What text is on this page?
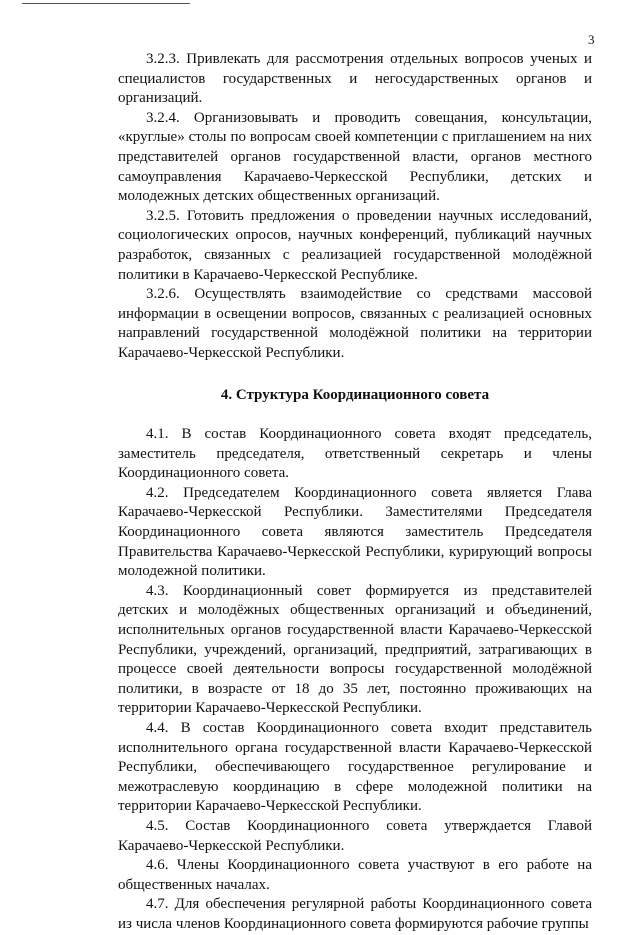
3

3.2.3. Привлекать для рассмотрения отдельных вопросов ученых и специалистов государственных и негосударственных органов и организаций.

3.2.4. Организовывать и проводить совещания, консультации, «круглые» столы по вопросам своей компетенции с приглашением на них представителей органов государственной власти, органов местного самоуправления Карачаево-Черкесской Республики, детских и молодежных детских общественных организаций.

3.2.5. Готовить предложения о проведении научных исследований, социологических опросов, научных конференций, публикаций научных разработок, связанных с реализацией государственной молодёжной политики в Карачаево-Черкесской Республике.

3.2.6. Осуществлять взаимодействие со средствами массовой информации в освещении вопросов, связанных с реализацией основных направлений государственной молодёжной политики на территории Карачаево-Черкесской Республики.

4. Структура Координационного совета

4.1. В состав Координационного совета входят председатель, заместитель председателя, ответственный секретарь и члены Координационного совета.

4.2. Председателем Координационного совета является Глава Карачаево-Черкесской Республики. Заместителями Председателя Координационного совета являются заместитель Председателя Правительства Карачаево-Черкесской Республики, курирующий вопросы молодежной политики.

4.3. Координационный совет формируется из представителей детских и молодёжных общественных организаций и объединений, исполнительных органов государственной власти Карачаево-Черкесской Республики, учреждений, организаций, предприятий, затрагивающих в процессе своей деятельности вопросы государственной молодёжной политики, в возрасте от 18 до 35 лет, постоянно проживающих на территории Карачаево-Черкесской Республики.

4.4. В состав Координационного совета входит представитель исполнительного органа государственной власти Карачаево-Черкесской Республики, обеспечивающего государственное регулирование и межотраслевую координацию в сфере молодежной политики на территории Карачаево-Черкесской Республики.

4.5. Состав Координационного совета утверждается Главой Карачаево-Черкесской Республики.

4.6. Члены Координационного совета участвуют в его работе на общественных началах.

4.7. Для обеспечения регулярной работы Координационного совета из числа членов Координационного совета формируются рабочие группы
